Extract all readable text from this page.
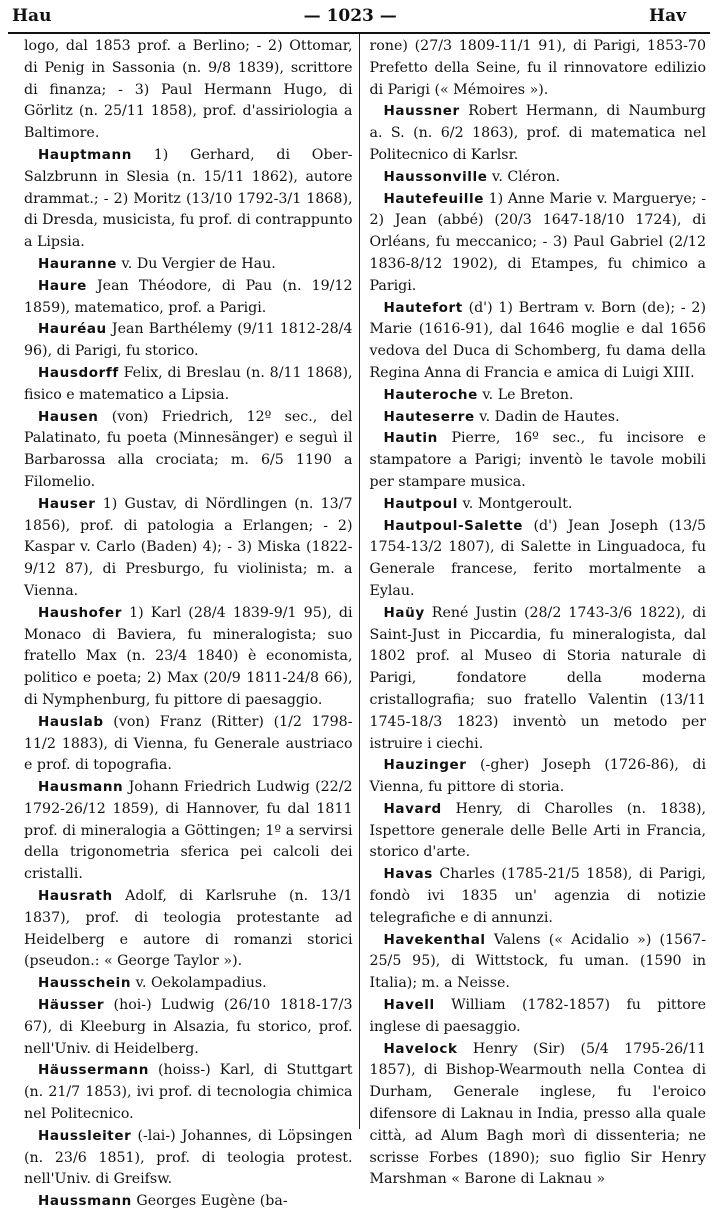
Hau	— 1023 —	Hav

logo, dal 1853 prof. a Berlino; - 2) Ottomar, di Penig in Sassonia (n. 9/8 1839), scrittore di finanza; - 3) Paul Hermann Hugo, di Görlitz (n. 25/11 1858), prof. d'assiriologia a Baltimore.

Hauptmann 1) Gerhard, di Ober-Salzbrunn in Slesia (n. 15/11 1862), autore drammat.; - 2) Moritz (13/10 1792-3/1 1868), di Dresda, musicista, fu prof. di contrappunto a Lipsia.

Hauranne v. Du Vergier de Hau.

Haure Jean Théodore, di Pau (n. 19/12 1859), matematico, prof. a Parigi.

Hauréau Jean Barthélemy (9/11 1812-28/4 96), di Parigi, fu storico.

Hausdorff Felix, di Breslau (n. 8/11 1868), fisico e matematico a Lipsia.

Hausen (von) Friedrich, 12º sec., del Palatinato, fu poeta (Minnesänger) e seguì il Barbarossa alla crociata; m. 6/5 1190 a Filomelio.

Hauser 1) Gustav, di Nördlingen (n. 13/7 1856), prof. di patologia a Erlangen; - 2) Kaspar v. Carlo (Baden) 4); - 3) Miska (1822-9/12 87), di Presburgo, fu violinista; m. a Vienna.

Haushofer 1) Karl (28/4 1839-9/1 95), di Monaco di Baviera, fu mineralogista; suo fratello Max (n. 23/4 1840) è economista, politico e poeta; 2) Max (20/9 1811-24/8 66), di Nymphenburg, fu pittore di paesaggio.

Hauslab (von) Franz (Ritter) (1/2 1798-11/2 1883), di Vienna, fu Generale austriaco e prof. di topografia.

Hausmann Johann Friedrich Ludwig (22/2 1792-26/12 1859), di Hannover, fu dal 1811 prof. di mineralogia a Göttingen; 1º a servirsi della trigonometria sferica pei calcoli dei cristalli.

Hausrath Adolf, di Karlsruhe (n. 13/1 1837), prof. di teologia protestante ad Heidelberg e autore di romanzi storici (pseudon.: « George Taylor »).

Hausschein v. Oekolampadius.

Häusser (hoi-) Ludwig (26/10 1818-17/3 67), di Kleeburg in Alsazia, fu storico, prof. nell'Univ. di Heidelberg.

Häussermann (hoiss-) Karl, di Stuttgart (n. 21/7 1853), ivi prof. di tecnologia chimica nel Politecnico.

Haussleiter (-lai-) Johannes, di Löpsingen (n. 23/6 1851), prof. di teologia protest. nell'Univ. di Greifsw.

Haussmann Georges Eugène (ba-

rone) (27/3 1809-11/1 91), di Parigi, 1853-70 Prefetto della Seine, fu il rinnovatore edilizio di Parigi (« Mémoires »).

Haussner Robert Hermann, di Naumburg a. S. (n. 6/2 1863), prof. di matematica nel Politecnico di Karlsr.

Haussonville v. Cléron.

Hautefeuille 1) Anne Marie v. Marguerye; - 2) Jean (abbé) (20/3 1647-18/10 1724), di Orléans, fu meccanico; - 3) Paul Gabriel (2/12 1836-8/12 1902), di Etampes, fu chimico a Parigi.

Hautefort (d') 1) Bertram v. Born (de); - 2) Marie (1616-91), dal 1646 moglie e dal 1656 vedova del Duca di Schomberg, fu dama della Regina Anna di Francia e amica di Luigi XIII.

Hauteroche v. Le Breton.

Hauteserre v. Dadin de Hautes.

Hautin Pierre, 16º sec., fu incisore e stampatore a Parigi; inventò le tavole mobili per stampare musica.

Hautpoul v. Montgeroult.

Hautpoul-Salette (d') Jean Joseph (13/5 1754-13/2 1807), di Salette in Linguadoca, fu Generale francese, ferito mortalmente a Eylau.

Haüy René Justin (28/2 1743-3/6 1822), di Saint-Just in Piccardia, fu mineralogista, dal 1802 prof. al Museo di Storia naturale di Parigi, fondatore della moderna cristallografia; suo fratello Valentin (13/11 1745-18/3 1823) inventò un metodo per istruire i ciechi.

Hauzinger (-gher) Joseph (1726-86), di Vienna, fu pittore di storia.

Havard Henry, di Charolles (n. 1838), Ispettore generale delle Belle Arti in Francia, storico d'arte.

Havas Charles (1785-21/5 1858), di Parigi, fondò ivi 1835 un' agenzia di notizie telegrafiche e di annunzi.

Havekenthal Valens (« Acidalio ») (1567-25/5 95), di Wittstock, fu uman. (1590 in Italia); m. a Neisse.

Havell William (1782-1857) fu pittore inglese di paesaggio.

Havelock Henry (Sir) (5/4 1795-26/11 1857), di Bishop-Wearmouth nella Contea di Durham, Generale inglese, fu l'eroico difensore di Laknau in India, presso alla quale città, ad Alum Bagh morì di dissenteria; ne scrisse Forbes (1890); suo figlio Sir Henry Marshman « Barone di Laknau »
